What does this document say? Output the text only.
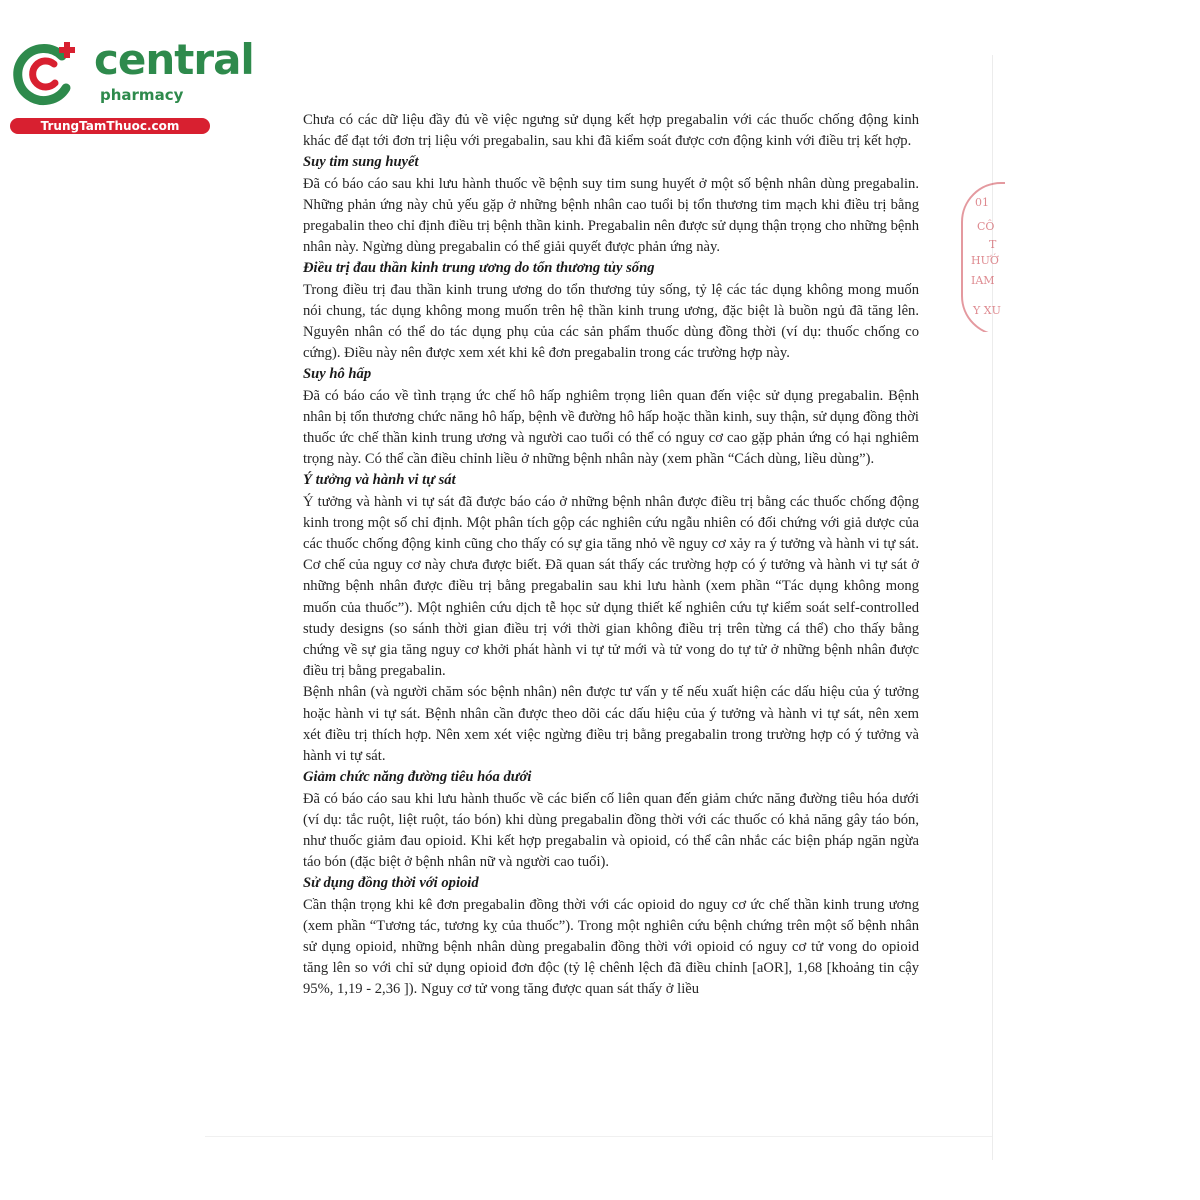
central
pharmacy
TrungTamThuoc.com
01
CÔ
T
HƯỚ
IAM
Y XU

Chưa có các dữ liệu đầy đủ về việc ngưng sử dụng kết hợp pregabalin với các thuốc chống động kinh khác để đạt tới đơn trị liệu với pregabalin, sau khi đã kiểm soát được cơn động kinh với điều trị kết hợp.

Suy tim sung huyết

Đã có báo cáo sau khi lưu hành thuốc về bệnh suy tim sung huyết ở một số bệnh nhân dùng pregabalin. Những phản ứng này chủ yếu gặp ở những bệnh nhân cao tuổi bị tổn thương tim mạch khi điều trị bằng pregabalin theo chỉ định điều trị bệnh thần kinh. Pregabalin nên được sử dụng thận trọng cho những bệnh nhân này. Ngừng dùng pregabalin có thể giải quyết được phản ứng này.

Điều trị đau thần kinh trung ương do tổn thương tủy sống

Trong điều trị đau thần kinh trung ương do tổn thương tủy sống, tỷ lệ các tác dụng không mong muốn nói chung, tác dụng không mong muốn trên hệ thần kinh trung ương, đặc biệt là buồn ngủ đã tăng lên. Nguyên nhân có thể do tác dụng phụ của các sản phẩm thuốc dùng đồng thời (ví dụ: thuốc chống co cứng). Điều này nên được xem xét khi kê đơn pregabalin trong các trường hợp này.

Suy hô hấp

Đã có báo cáo về tình trạng ức chế hô hấp nghiêm trọng liên quan đến việc sử dụng pregabalin. Bệnh nhân bị tổn thương chức năng hô hấp, bệnh về đường hô hấp hoặc thần kinh, suy thận, sử dụng đồng thời thuốc ức chế thần kinh trung ương và người cao tuổi có thể có nguy cơ cao gặp phản ứng có hại nghiêm trọng này. Có thể cần điều chỉnh liều ở những bệnh nhân này (xem phần “Cách dùng, liều dùng”).

Ý tưởng và hành vi tự sát

Ý tưởng và hành vi tự sát đã được báo cáo ở những bệnh nhân được điều trị bằng các thuốc chống động kinh trong một số chỉ định. Một phân tích gộp các nghiên cứu ngẫu nhiên có đối chứng với giả dược của các thuốc chống động kinh cũng cho thấy có sự gia tăng nhỏ về nguy cơ xảy ra ý tưởng và hành vi tự sát. Cơ chế của nguy cơ này chưa được biết. Đã quan sát thấy các trường hợp có ý tưởng và hành vi tự sát ở những bệnh nhân được điều trị bằng pregabalin sau khi lưu hành (xem phần “Tác dụng không mong muốn của thuốc”). Một nghiên cứu dịch tễ học sử dụng thiết kế nghiên cứu tự kiểm soát self-controlled study designs (so sánh thời gian điều trị với thời gian không điều trị trên từng cá thể) cho thấy bằng chứng về sự gia tăng nguy cơ khởi phát hành vi tự tử mới và tử vong do tự tử ở những bệnh nhân được điều trị bằng pregabalin.

Bệnh nhân (và người chăm sóc bệnh nhân) nên được tư vấn y tế nếu xuất hiện các dấu hiệu của ý tưởng hoặc hành vi tự sát. Bệnh nhân cần được theo dõi các dấu hiệu của ý tưởng và hành vi tự sát, nên xem xét điều trị thích hợp. Nên xem xét việc ngừng điều trị bằng pregabalin trong trường hợp có ý tưởng và hành vi tự sát.

Giảm chức năng đường tiêu hóa dưới

Đã có báo cáo sau khi lưu hành thuốc về các biến cố liên quan đến giảm chức năng đường tiêu hóa dưới (ví dụ: tắc ruột, liệt ruột, táo bón) khi dùng pregabalin đồng thời với các thuốc có khả năng gây táo bón, như thuốc giảm đau opioid. Khi kết hợp pregabalin và opioid, có thể cân nhắc các biện pháp ngăn ngừa táo bón (đặc biệt ở bệnh nhân nữ và người cao tuổi).

Sử dụng đồng thời với opioid

Cần thận trọng khi kê đơn pregabalin đồng thời với các opioid do nguy cơ ức chế thần kinh trung ương (xem phần “Tương tác, tương kỵ của thuốc”). Trong một nghiên cứu bệnh chứng trên một số bệnh nhân sử dụng opioid, những bệnh nhân dùng pregabalin đồng thời với opioid có nguy cơ tử vong do opioid tăng lên so với chỉ sử dụng opioid đơn độc (tỷ lệ chênh lệch đã điều chỉnh [aOR], 1,68 [khoảng tin cậy 95%, 1,19 - 2,36 ]). Nguy cơ tử vong tăng được quan sát thấy ở liều
